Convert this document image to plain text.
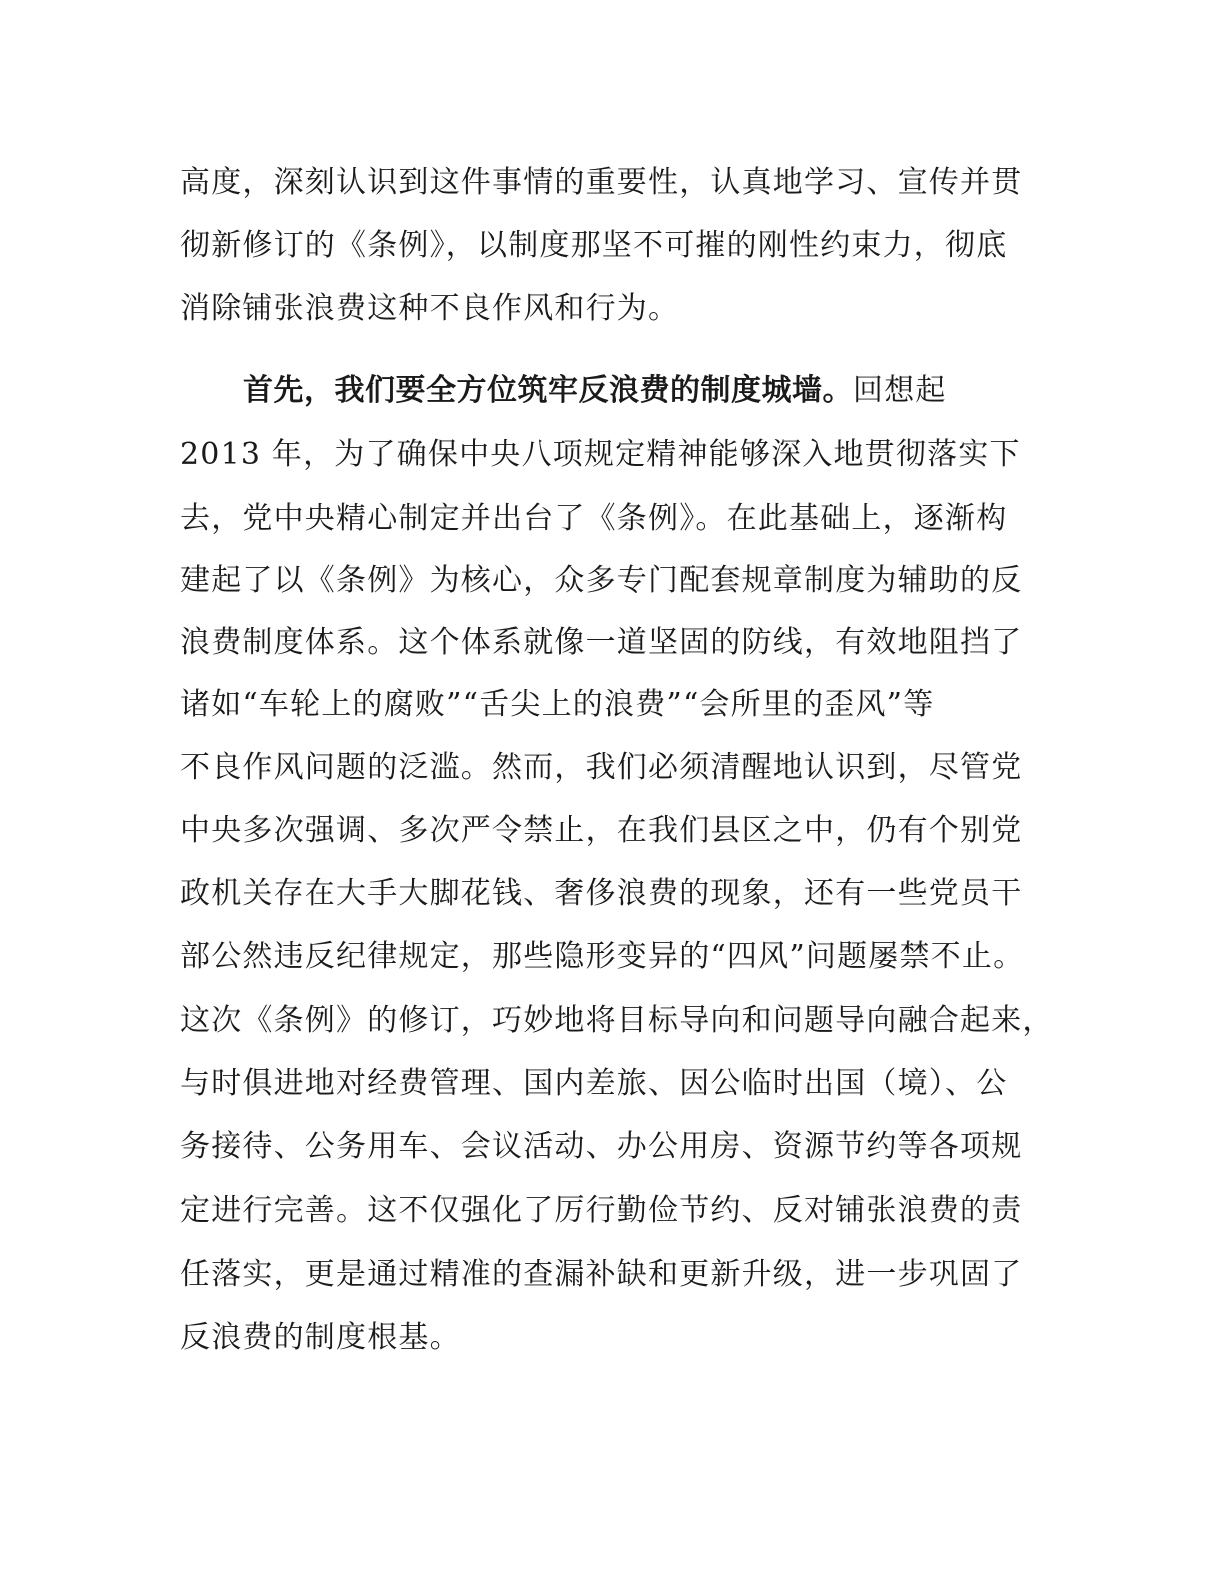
高度，深刻认识到这件事情的重要性，认真地学习、宣传并贯
彻新修订的《条例》，以制度那坚不可摧的刚性约束力，彻底
消除铺张浪费这种不良作风和行为。
首先，我们要全方位筑牢反浪费的制度城墙。回想起
2013 年，为了确保中央八项规定精神能够深入地贯彻落实下
去，党中央精心制定并出台了《条例》。在此基础上，逐渐构
建起了以《条例》为核心，众多专门配套规章制度为辅助的反
浪费制度体系。这个体系就像一道坚固的防线，有效地阻挡了
诸如“车轮上的腐败”“舌尖上的浪费”“会所里的歪风”等
不良作风问题的泛滥。然而，我们必须清醒地认识到，尽管党
中央多次强调、多次严令禁止，在我们县区之中，仍有个别党
政机关存在大手大脚花钱、奢侈浪费的现象，还有一些党员干
部公然违反纪律规定，那些隐形变异的“四风”问题屡禁不止。
这次《条例》的修订，巧妙地将目标导向和问题导向融合起来，
与时俱进地对经费管理、国内差旅、因公临时出国（境）、公
务接待、公务用车、会议活动、办公用房、资源节约等各项规
定进行完善。这不仅强化了厉行勤俭节约、反对铺张浪费的责
任落实，更是通过精准的查漏补缺和更新升级，进一步巩固了
反浪费的制度根基。
